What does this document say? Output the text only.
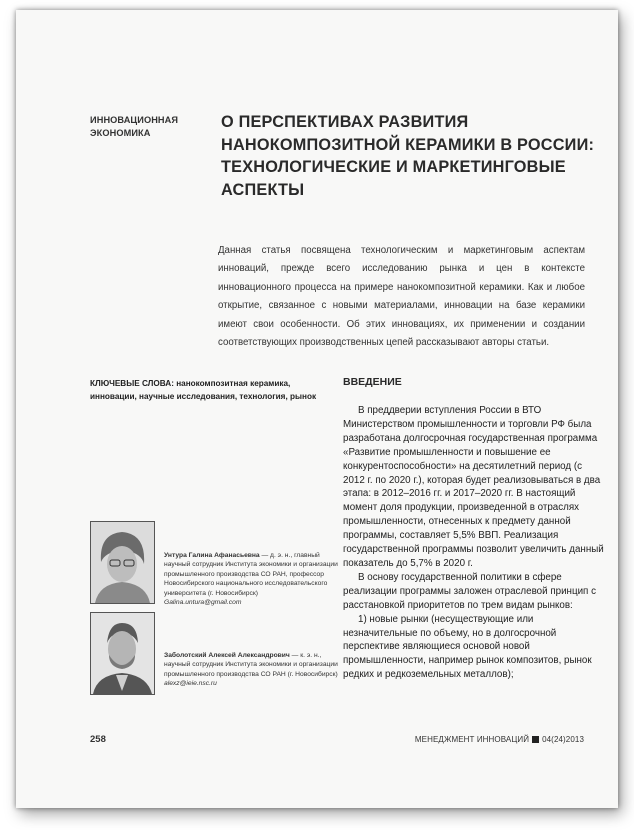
ИННОВАЦИОННАЯ
ЭКОНОМИКА
О ПЕРСПЕКТИВАХ РАЗВИТИЯ
НАНОКОМПОЗИТНОЙ КЕРАМИКИ В РОССИИ:
ТЕХНОЛОГИЧЕСКИЕ И МАРКЕТИНГОВЫЕ
АСПЕКТЫ

Данная статья посвящена технологическим и маркетинговым аспектам инноваций, прежде всего исследованию рынка и цен в контексте инновационного процесса на примере нанокомпозитной керамики. Как и любое открытие, связанное с новыми материалами, инновации на базе керамики имеют свои особенности. Об этих инновациях, их применении и создании соответствующих производственных цепей рассказывают авторы статьи.

КЛЮЧЕВЫЕ СЛОВА: нанокомпозитная керамика, инновации, научные исследования, технология, рынок
ВВЕДЕНИЕ

В преддверии вступления России в ВТО Министерством промышленности и торговли РФ была разработана долгосрочная государственная программа «Развитие промышленности и повышение ее конкурентоспособности» на десятилетний период (с 2012 г. по 2020 г.), которая будет реализовываться в два этапа: в 2012–2016 гг. и 2017–2020 гг. В настоящий момент доля продукции, произведенной в отраслях промышленности, отнесенных к предмету данной программы, составляет 5,5% ВВП. Реализация государственной программы позволит увеличить данный показатель до 5,7% в 2020 г.

В основу государственной политики в сфере реализации программы заложен отраслевой принцип с расстановкой приоритетов по трем видам рынков:

1) новые рынки (несуществующие или незначительные по объему, но в долгосрочной перспективе являющиеся основой новой промышленности, например рынок композитов, рынок редких и редкоземельных металлов);

Унтура Галина Афанасьевна — д. э. н., главный научный сотрудник Института экономики и организации промышленного производства СО РАН, профессор Новосибирского национального исследовательского университета (г. Новосибирск)
Galina.untura@gmail.com
Заболотский Алексей Александрович — к. э. н., научный сотрудник Института экономики и организации промышленного производства СО РАН (г. Новосибирск)
alexz@ieie.nsc.ru
258	МЕНЕДЖМЕНТ ИННОВАЦИЙ 04(24)2013
